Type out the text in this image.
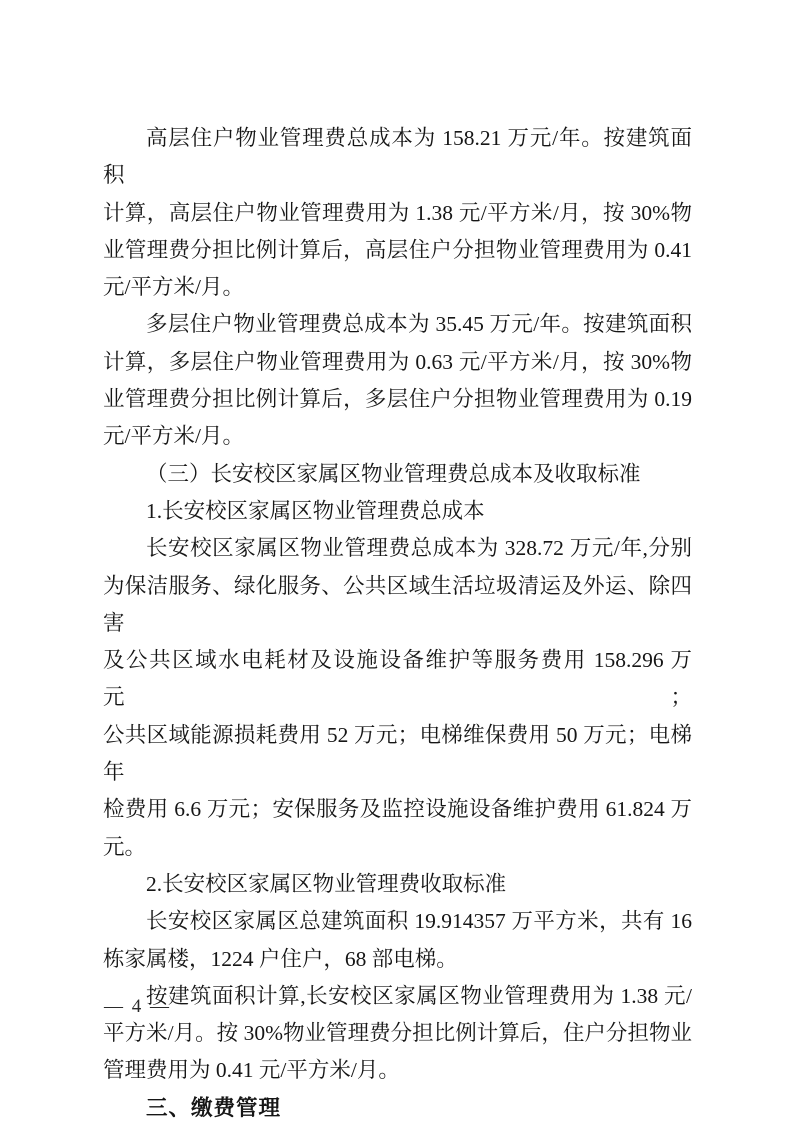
高层住户物业管理费总成本为 158.21 万元/年。按建筑面积
计算，高层住户物业管理费用为 1.38 元/平方米/月，按 30%物
业管理费分担比例计算后，高层住户分担物业管理费用为 0.41
元/平方米/月。

多层住户物业管理费总成本为 35.45 万元/年。按建筑面积
计算，多层住户物业管理费用为 0.63 元/平方米/月，按 30%物
业管理费分担比例计算后，多层住户分担物业管理费用为 0.19
元/平方米/月。

（三）长安校区家属区物业管理费总成本及收取标准

1.长安校区家属区物业管理费总成本

长安校区家属区物业管理费总成本为 328.72 万元/年,分别
为保洁服务、绿化服务、公共区域生活垃圾清运及外运、除四害
及公共区域水电耗材及设施设备维护等服务费用 158.296 万元；
公共区域能源损耗费用 52 万元；电梯维保费用 50 万元；电梯年
检费用 6.6 万元；安保服务及监控设施设备维护费用 61.824 万
元。

2.长安校区家属区物业管理费收取标准

长安校区家属区总建筑面积 19.914357 万平方米，共有 16
栋家属楼，1224 户住户，68 部电梯。

按建筑面积计算,长安校区家属区物业管理费用为 1.38 元/
平方米/月。按 30%物业管理费分担比例计算后，住户分担物业
管理费用为 0.41 元/平方米/月。

三、缴费管理

— 4 —
